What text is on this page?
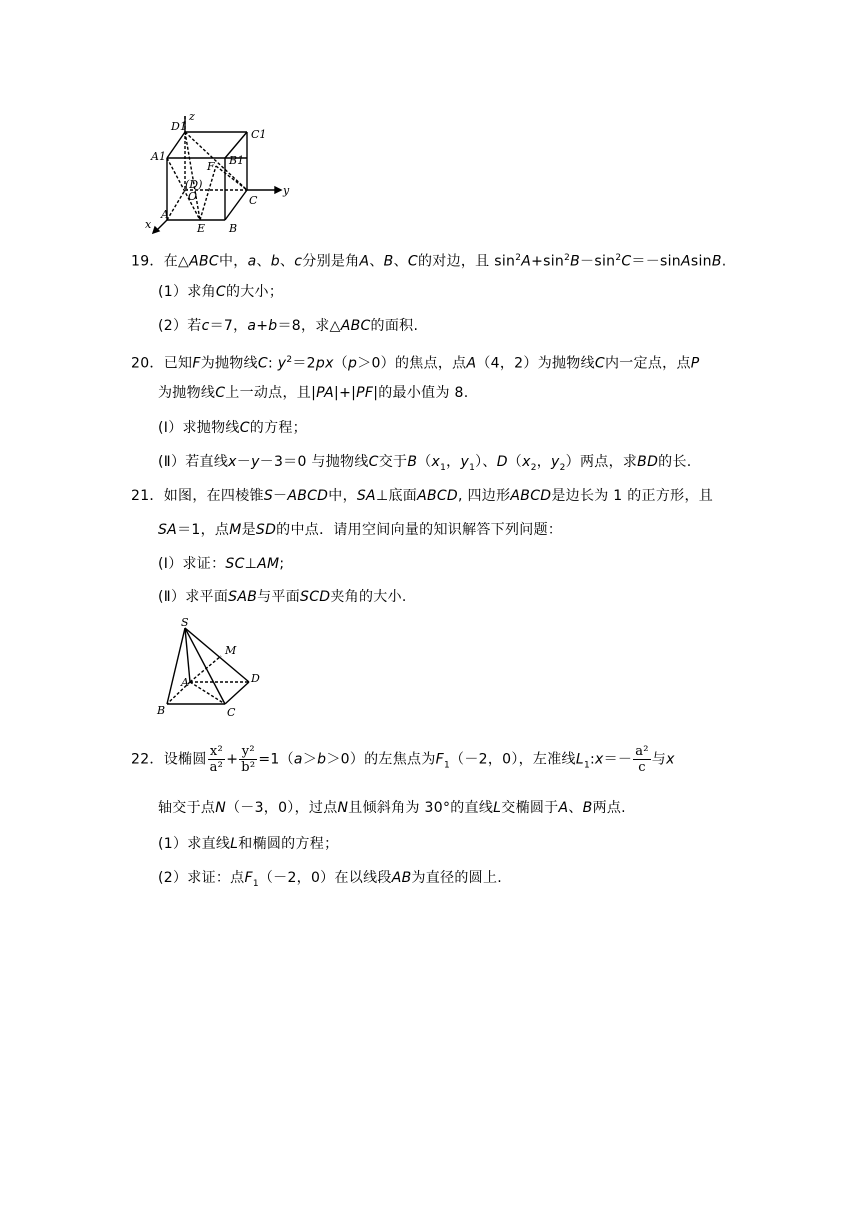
z
y
x
D1
C1
A1	B1
F
(D)
O
A
E B
C
19．在△ABC中，a、b、c分别是角A、B、C的对边，且 $\sin^2A+\sin^2B-\sin^2C=-sinAsinB$.
(1）求角C的大小；
(2）若c＝7，a+b＝8，求△ABC的面积.
20．已知F为抛物线C: $y^2=2px(p>0)$的焦点，点A（4，2）为抛物线C内一定点，点P
为抛物线C上一动点，且|PA|+|PF|的最小值为 8.
(Ⅰ）求抛物线C的方程；
(Ⅱ）若直线x－y－3＝0 与抛物线C交于$B(x_1$，$y_1$）、$D(x_2$，$y_2$）两点，求BD的长.
21．如图，在四棱锥S－ABCD中，SA⊥底面ABCD, 四边形ABCD是边长为 1 的正方形，且
SA＝1，点M是SD的中点．请用空间向量的知识解答下列问题：
(Ⅰ）求证：SC⊥AM;
(Ⅱ）求平面SAB与平面SCD夹角的大小.
S
M
A	D
B	C
22．设椭圆 $\frac{\text{x²}}{\text{a²}} + \frac{\text{y²}}{\text{b²}} =1(a>b>0)$的左焦点为$F_1(-2$，0），左准线$L_1:x=- \frac{\text{a²}}{c}$ 与x
轴交于点N（－3，0），过点N且倾斜角为 30°的直线L交椭圆于A、B两点.
(1）求直线L和椭圆的方程；
(2）求证：点$F_1(-2$，0）在以线段AB为直径的圆上.
